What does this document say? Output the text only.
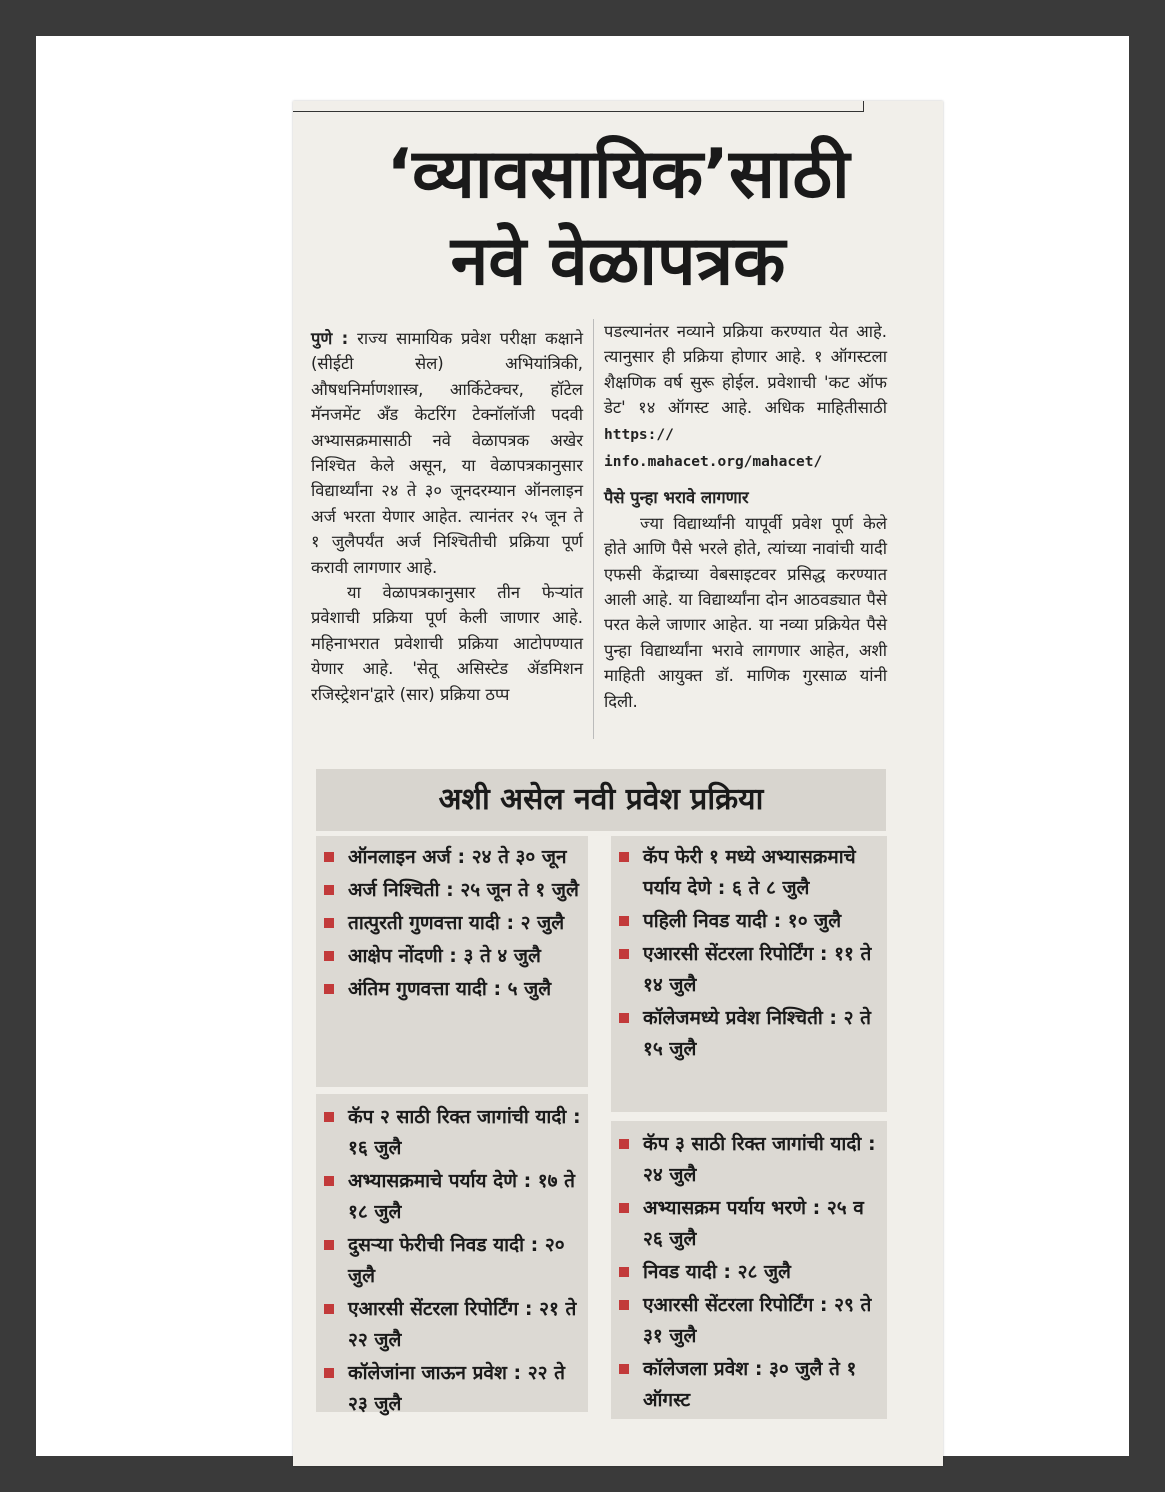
‘व्यावसायिक’साठी
नवे वेळापत्रक

पुणे : राज्य सामायिक प्रवेश परीक्षा कक्षाने (सीईटी सेल) अभियांत्रिकी, औषधनिर्माणशास्त्र, आर्किटेक्चर, हॉटेल मॅनजमेंट अँड केटरिंग टेक्नॉलॉजी पदवी अभ्यासक्रमासाठी नवे वेळापत्रक अखेर निश्चित केले असून, या वेळापत्रकानुसार विद्यार्थ्यांना २४ ते ३० जूनदरम्यान ऑनलाइन अर्ज भरता येणार आहेत. त्यानंतर २५ जून ते १ जुलैपर्यंत अर्ज निश्चितीची प्रक्रिया पूर्ण करावी लागणार आहे.

या वेळापत्रकानुसार तीन फेऱ्यांत प्रवेशाची प्रक्रिया पूर्ण केली जाणार आहे. महिनाभरात प्रवेशाची प्रक्रिया आटोपण्यात येणार आहे. 'सेतू असिस्टेड ॲडमिशन रजिस्ट्रेशन'द्वारे (सार) प्रक्रिया ठप्प

पडल्यानंतर नव्याने प्रक्रिया करण्यात येत आहे. त्यानुसार ही प्रक्रिया होणार आहे. १ ऑगस्टला शैक्षणिक वर्ष सुरू होईल. प्रवेशाची 'कट ऑफ डेट' १४ ऑगस्ट आहे. अधिक माहितीसाठी https:// info.mahacet.org/mahacet/

पैसे पुन्हा भरावे लागणार

ज्या विद्यार्थ्यांनी यापूर्वी प्रवेश पूर्ण केले होते आणि पैसे भरले होते, त्यांच्या नावांची यादी एफसी केंद्राच्या वेबसाइटवर प्रसिद्ध करण्यात आली आहे. या विद्यार्थ्यांना दोन आठवड्यात पैसे परत केले जाणार आहेत. या नव्या प्रक्रियेत पैसे पुन्हा विद्यार्थ्यांना भरावे लागणार आहेत, अशी माहिती आयुक्त डॉ. माणिक गुरसाळ यांनी दिली.

अशी असेल नवी प्रवेश प्रक्रिया
ऑनलाइन अर्ज : २४ ते ३० जून
अर्ज निश्चिती : २५ जून ते १ जुलै
तात्पुरती गुणवत्ता यादी : २ जुलै
आक्षेप नोंदणी : ३ ते ४ जुलै
अंतिम गुणवत्ता यादी : ५ जुलै
कॅप फेरी १ मध्ये अभ्यासक्रमाचे पर्याय देणे : ६ ते ८ जुलै
पहिली निवड यादी : १० जुलै
एआरसी सेंटरला रिपोर्टिंग : ११ ते १४ जुलै
कॉलेजमध्ये प्रवेश निश्चिती : २ ते १५ जुलै
कॅप २ साठी रिक्त जागांची यादी : १६ जुलै
अभ्यासक्रमाचे पर्याय देणे : १७ ते १८ जुलै
दुसऱ्या फेरीची निवड यादी : २० जुलै
एआरसी सेंटरला रिपोर्टिंग : २१ ते २२ जुलै
कॉलेजांना जाऊन प्रवेश : २२ ते २३ जुलै
कॅप ३ साठी रिक्त जागांची यादी : २४ जुलै
अभ्यासक्रम पर्याय भरणे : २५ व २६ जुलै
निवड यादी : २८ जुलै
एआरसी सेंटरला रिपोर्टिंग : २९ ते ३१ जुलै
कॉलेजला प्रवेश : ३० जुलै ते १ ऑगस्ट
